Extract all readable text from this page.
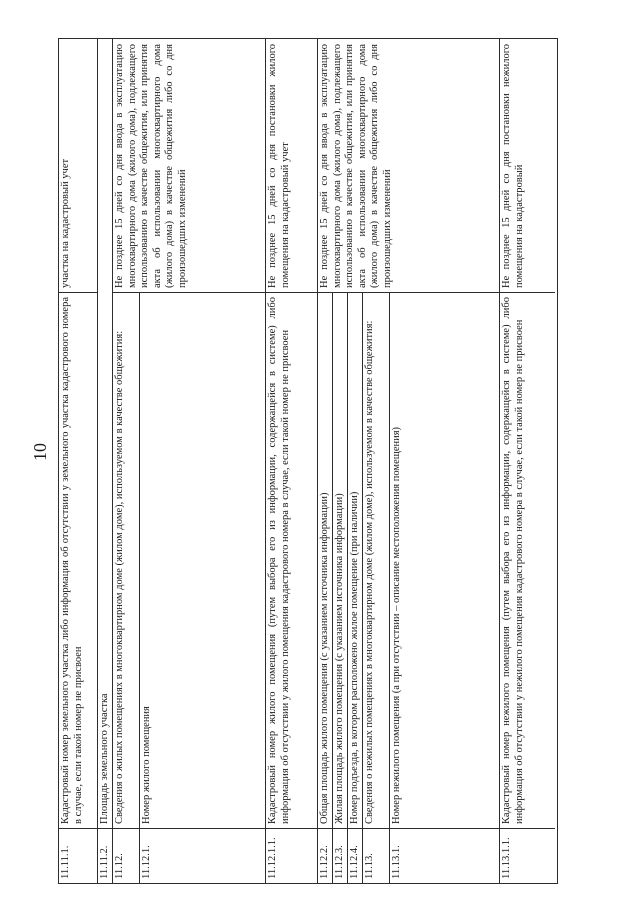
10
11.11.1.
Кадастровый номер земельного участка либо информация об отсутствии у земельного участка кадастрового номера в случае, если такой номер не присвоен
участка на кадастровый учет
11.11.2.
Площадь земельного участка
11.12.
Сведения о жилых помещениях в многоквартирном доме (жилом доме), используемом в качестве общежития:
11.12.1.
Номер жилого помещения
Не позднее 15 дней со дня ввода в эксплуатацию многоквартирного дома (жилого дома), подлежащего использованию в качестве общежития, или принятия акта об использовании многоквартирного дома (жилого дома) в качестве общежития либо со дня произошедших изменений
11.12.1.1.
Кадастровый номер жилого помещения (путем выбора его из информации, содержащейся в системе) либо информация об отсутствии у жилого помещения кадастрового номера в случае, если такой номер не присвоен
Не позднее 15 дней со дня постановки жилого помещения на кадастровый учет
11.12.2.
Общая площадь жилого помещения (с указанием источника информации)
11.12.3.
Жилая площадь жилого помещения (с указанием источника информации)
11.12.4.
Номер подъезда, в котором расположено жилое помещение (при наличии)
11.13.
Сведения о нежилых помещениях в многоквартирном доме (жилом доме), используемом в качестве общежития:
11.13.1.
Номер нежилого помещения (а при отсутствии – описание местоположения помещения)
Не позднее 15 дней со дня ввода в эксплуатацию многоквартирного дома (жилого дома), подлежащего использованию в качестве общежития, или принятия акта об использовании многоквартирного дома (жилого дома) в качестве общежития либо со дня произошедших изменений
11.13.1.1.
Кадастровый номер нежилого помещения (путем выбора его из информации, содержащейся в системе) либо информация об отсутствии у нежилого помещения кадастрового номера в случае, если такой номер не присвоен
Не позднее 15 дней со дня постановки нежилого помещения на кадастровый
